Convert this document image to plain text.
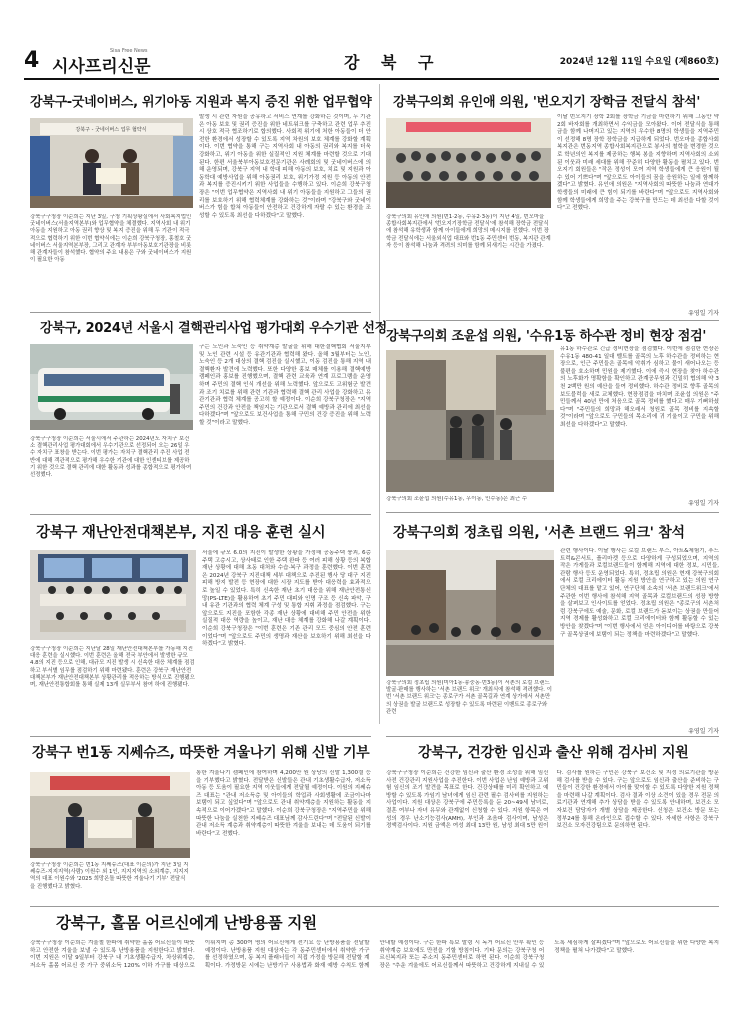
4	Sisa Free News
시사프리신문	강 북 구	2024년 12월 11일 수요일 (제860호)
강북구-굿네이버스, 위기아동 지원과 복지 증진 위한 업무협약
강북구 - 굿네이버스 업무 협약식
강북구구청장 이순희는 지난 3일, 구청 기획상황실에서 사회복지법인 굿네이버스(서울지역본부)와 업무협약을 체결했다. 지역사회 내 위기 아동을 지원하고 아동 권리 향상 및 복지 증진을 위해 두 기관이 적극적으로 협력하기 위한 이번 협약식에는 이순희 강북구청장, 홍철호 굿네이버스 서울지역본부장, 그리고 관계자 부부아동보호기관장을 비롯해 관계자들이 참석했다. 협약의 주요 내용은 구와 굿네이버스가 지원이 필요한 아동
발생 시 관련 자원을 공유하고 서비스 연계를 강화하는 것이며, 두 기관은 아동 보호 및 권리 증진을 위한 네트워크를 구축하고 관련 업무 추진 시 상호 적극 협조하기로 합의했다. 사회적 위기에 처한 아동들이 더 안전한 환경에서 성장할 수 있도록 지역 차원의 보호 체계를 강화할 계획이다. 이번 협약을 통해 구는 지역사회 내 아동의 권리와 복지를 더욱 강화하고, 위기 아동을 위한 실질적인 지원 체계를 마련할 것으로 기대된다. 한편 서울북부아동보호전문기관은 사례회의 및 굿네이버스에 의해 운영되며, 강북구 지역 내 학대 피해 아동의 보호, 치료 및 지원과 아동학대 예방사업을 위해 아동권리 보호, 위기가정 지원 등 아동의 안전과 복지를 증진시키기 위한 사업들을 수행하고 있다. 이순희 강북구청장은 "이번 업무협약은 지역사회 내 위기 아동들을 지원하고 그들의 권리를 보호하기 위해 협력체계를 강화하는 것"이라며 "강북구와 굿네이버스가 힘을 합쳐 아동들이 안전하고 건강하게 자랄 수 있는 환경을 조성할 수 있도록 최선을 다하겠다"고 말했다.
강북구의회 유인애 의원, '번오지기 장학금 전달식 참석'
강북구의회 유인애 의원(번1·2동, 수유2·3동)이 지난 4일, 번오마을 종합사회복지관에서 '번오지기장학금 전달식'에 참석해 장학금 전달식에 참석해 유학생과 함께 아이들에게 희망의 메시지를 전했다. 이번 장학금 전달식에는 서울외식업 대표와 번1동 주민센터 번동, 복지관 관계자 등이 참석해 나눔과 격려의 의미를 함께 되새기는 시간을 가졌다.
이날 번오지기 장학 2회를 장학금 기금을 마련하기 위해 그동안 약 2회 바자회를 개최하면서 수익금을 모아왔다. 이어 전달식을 통해 금을 함께 나머지고 있는 지역의 우수한 8명의 학생들을 지역주민이 선정해 8명 장학 장학금을 지급하게 되었다. 번오마을 종합사회복지관은 번동지역 종합사회복지관으로 봉사의 철학을 변경한 것으로 학년의인 복지를 제공하는 행복 봉을 지향하며 지역사회의 소외된 이웃과 미래 세대를 위해 꾸준히 다양한 활동을 펼치고 있다. 번오지기 회원들은 "작은 정성이 모여 지역 학생들에게 큰 응원이 될 수 있어 기쁘다"며 "앞으로도 아이들의 꿈을 응원하는 일에 함께하겠다"고 밝혔다. 유인애 의원은 "지역사회의 따뜻한 나눔과 연대가 학생들의 미래에 큰 힘이 되기를 바란다"며 "앞으로도 지역사회와 함께 학생들에게 희망을 주는 강북구를 만드는 데 최선을 다할 것이다"고 전했다.
유영일 기자
강북구의회 조윤섭 의원, '수유1동 하수관 정비 현장 점검'
강북구의회 조윤섭 의원(수유1동, 우이동, 인수동)은 최근 수
유1동 하수관로 긴급 정비현장을 점검했다. 이번에 점검한 현장은 수유1동 480-41 일대 벨트를 골목의 노후 하수관을 정비하는 현장으로, 인근 주민들은 골목에 악취가 심하고 물이 새어나오는 등 불편을 호소하며 민원을 제기했다. 이에 즉시 현장을 찾아 하수관의 노후화가 명확함을 확인하고 관계공무원과 긴밀히 협의해 약 3천 2백만 원의 예산을 들여 정비했다. 하수관 정비로 향후 골목의 보도블럭을 새로 교체했다. 현장점검을 마치며 조윤섭 의원은 "주민들께서 40년 만에 처음으로 골목 정비를 했다고 매우 기뻐하셨다"며 "주민들의 희망과 해오래서 청원로 골목 정비를 지속할 것"이라며 "앞으로도 구민들의 목소리에 귀 기울이고 구민을 위해 최선을 다하겠다"고 말했다.
유영일 기자
강북구, 2024년 서울시 결핵관리사업 평가대회 우수기관 선정
강북구구청장 이순희는 서울시에서 주관하는 2024년도 자치구 보건소 결핵관리사업 평가대회에서 우수기관으로 선정되어 오는 26일 우수 자치구 표창을 받는다. 이번 평가는 자치구 결핵관리 추진 사업 전반에 대해 객관적으로 평가해 우수한 기관에 대한 인센티브를 제공하기 위한 것으로 결핵 관리에 대한 활동과 성과를 종합적으로 평가하여 선정했다.
구는 노인과 노숙인 등 취약계층 발굴을 위해 대한결핵협회 서울지부 및 노인 관련 시설 등 유관기관과 협력해 왔다. 올해 3월부터는 노인, 노숙인 등 2개 대상의 결핵 검진을 실시했고, 이동 검진을 통해 지역 내 결핵환자 발견에 노력했다. 또한 다양한 홍보 매체를 이용해 결핵예방 캠페인과 홍보를 진행했으며, 결핵 관련 교육과 연계 프로그램을 운영하며 주민의 결핵 인식 개선을 위해 노력했다. 앞으로도 고위험군 발견과 조기 치료를 위해 관련 기관과 협력해 결핵 관리 사업을 강화하고 유관기관과 협력 체계를 공고히 할 예정이다. 이순희 강북구청장은 "지역 주민의 건강과 안전을 책임지는 기관으로서 결핵 예방과 관리에 최선을 다하겠다"며 "앞으로도 보건사업을 통해 구민의 건강 증진을 위해 노력할 것"이라고 말했다.
강북구 재난안전대책본부, 지진 대응 훈련 실시
강북구구청장 이순희는 지난달 28일 재난안전대책본부를 가동해 지진 대응 훈련을 실시했다. 이번 훈련은 올해 전국 부안에서 발생한 규모 4.8의 지진 등으로 인해, 대규모 지진 발생 시 신속한 대응 체계를 점검하고 부서별 임무를 점검하기 위해 마련됐다. 훈련은 강북구 재난안전대책본부가 재난안전대책본부 상황관리를 적응하는 방식으로 진행됐으며, 재난안전통합회를 통해 실제 13개 실무부서 참여 하에 진행됐다.
서울에 규모 6.0의 지진이 발생한 상황을 가정해 공동주택 붕괴, 6층 주택 고층시고, 상사태로 인한 주택 완파 등 여러 피해 상황 등의 복합 재난 상황에 대해 초동 대처와 수습·복구 과정을 훈련했다. 이번 훈련은 2024년 강북구 지진대책 세부 대책으로 추진된 행사 당 대구 지진 피해 방지 발전 등 현장에 대한 시장 지도를 받아 대응력을 효과적으로 높일 수 있었다. 특히 신속한 재난 초기 대응을 위해 재난안전통신망(PS-LTE)을 활용하여 초기 주민 대피와 인명 구조 등 신속 파악, 구내 유관 기관과의 협력 체계 구성 및 통합 지휘 과정을 점검했다. 구는 앞으로도 지진을 포함한 각종 재난 상황에 대비해 주민 안전을 위한 실질적 대응 역량을 높이고, 재난 대응 체계를 강화해 나갈 계획이다. 이순희 강북구청장은 "이번 훈련은 기존 관리 모드 중심의 안전 훈련이었다"며 "앞으로도 주민의 생명과 재산을 보호하기 위해 최선을 다하겠다"고 밝혔다.
강북구의회 정초립 의원, '서촌 브랜드 위크' 참석
강북구의회 정초립 의원(미아1동·송중동·번3동)이 서촌의 로컬 브랜드 발굴·판매를 행사하는 '서촌 브랜드 위크' 개최식에 참석해 격려했다. 이번 '서촌 브랜드 위크'는 종로구가 서촌 골목길과 연계 상가에서 서촌만의 상권을 발굴 브랜드로 성장할 수 있도록 마련된 이벤트로 종로구와 관련
관련 행사이다. 이날 행사는 로컬 브랜드 부스, 아트&체험기, 푸드트럭&콘서트, 플리마켓 등으로 다양하게 구성되었으며, 지역의 작은 가게들과 로컬브랜드들이 함께해 지역에 대한 정보, 시민들, 관람 행사 등도 운영되었다. 특히, 정초립 의원은 현재 강북구의회에서 로컬 크리에이터 활동 지원 방안을 연구하고 있는 의원 연구단체의 대표를 맡고 있어, 연구단체 소속의 '서촌 브랜드위크'에서 주관한 이번 행사에 참석해 지역 골목과 로컬브랜드의 성장 방향을 살펴보고 인사이트를 얻었다. 정초립 의원은 "종로구의 서촌처럼 강북구에도 예술, 문화, 로컬 브랜드가 돋보이는 상권을 만들어 지역 경제를 활성화하고 로컬 크리에이터와 함께 활동할 수 있는 방안을 찾겠다"며 "이번 행사에서 얻은 아이디어를 바탕으로 강북구 골목상권에 보탬이 되는 정책을 마련하겠다"고 말했다.
유영일 기자
강북구 번1동 지쎄슈즈, 따뜻한 겨울나기 위해 신발 기부
강북구구청장 이순희는 번1동 지쎄슈즈(대표 이순의)가 지난 3일 지쎄슈즈-지지지역(사람) 이원수 외 1인, 지지지역의 소외계층, 지지지역의 대표 이원수와 '2025 희망온돌 따뜻한 겨울나기 기부' 전달식을 진행했다고 밝혔다.
통한 겨울나기 캠페인에 참여하며 4,200만 원 상당의 신발 1,300켤 등을 기부했다고 밝혔다. 전달받은 신발들은 관내 기초생활수급자, 저소득 아동 등 도움이 필요한 지역 이웃들에게 전달될 예정이다. 이원의 지쎄슈즈 대표는 "관내 저소득층 및 아이들의 학업과 사회생활에 조금이나마 보탬이 되고 싶었다"며 "앞으로도 관내 취약계층을 지원하는 활동을 지속적으로 이어가겠다"고 말했다. 이순희 강북구청장은 "지역주민을 위해 따뜻한 나눔을 실천한 지쎄슈즈 대표님께 감사드린다"며 "전달된 신발이 관내 저소득 계층과 취약계층이 따뜻한 겨울을 보내는 데 도움이 되기를 바란다"고 전했다.
강북구, 건강한 임신과 출산 위해 검사비 지원
강북구구청장 이순희는 건강한 임신과 출산 환경 조성을 위해 임신 사전 건강관리 지원사업을 추진한다. 이번 사업은 난임 예방과 고위험 임신의 조기 발견을 목표로 한다. 건강상태를 미리 확인하고 예방할 수 있도록 가임기 남녀에게 임신 관련 필수 검사비를 지원하는 사업이다. 지원 대상은 강북구에 주민등록을 둔 20~49세 남녀로, 결혼 여부나 자녀 유무와 관계없이 신청할 수 있다. 지원 항목은 여성의 경우 난소기능검사(AMH), 부인과 초음파 검사이며, 남성은 정액검사이다. 지원 금액은 여성 최대 13만 원, 남성 최대 5만 원이다. 검사를 원하는 구민은 강북구 보건소 및 지정 의료기관을 방문해 검사를 받을 수 있다. 구는 앞으로도 임신과 출산을 준비하는 구민들이 건강한 환경에서 아이를 맞이할 수 있도록 다양한 지원 정책을 마련해 나갈 계획이다. 검사 결과 이상 소견이 있을 경우 전문 의료기관과 연계해 추가 상담을 받을 수 있도록 안내하며, 보건소 모자보건 담당자가 개별 상담을 제공한다. 신청은 보건소 방문 또는 정부24를 통해 온라인으로 접수할 수 있다. 자세한 사항은 강북구 보건소 모자건강팀으로 문의하면 된다.
강북구, 홀몸 어르신에게 난방용품 지원
강북구구청장 이순희는 겨울철 한파에 취약한 홀몸 어르신들이 따뜻하고 안전한 겨울을 보낼 수 있도록 난방용품을 지원한다고 밝혔다. 이번 지원은 이달 9일부터 강북구 내 기초생활수급자, 차상위계층, 저소득 홀몸 어르신 중 가구 중위소득 120% 이하 가구를 대상으로 이뤄지며 총 300여 명의 어르신에게 전기요 등 난방용품을 전달할 예정이다. 난방용품 지원 대상자는 각 동주민센터에서 취약한 가구를 선정하였으며, 동 복지 플래너들이 직접 가정을 방문해 전달할 계획이다. 가정방문 시에는 난방기구 사용법과 화재 예방 수칙도 함께 안내할 예정이다. 구는 한파 특보 발령 시 독거 어르신 안부 확인 등 취약계층 보호에도 만전을 기할 방침이다. 기타 문의는 강북구청 어르신복지과 또는 주소지 동주민센터로 하면 된다. 이순희 강북구청장은 "추운 겨울에도 어르신들께서 따뜻하고 건강하게 지내실 수 있도록 세심하게 살피겠다"며 "앞으로도 어르신들을 위한 다양한 복지 정책을 펼쳐 나가겠다"고 말했다.
